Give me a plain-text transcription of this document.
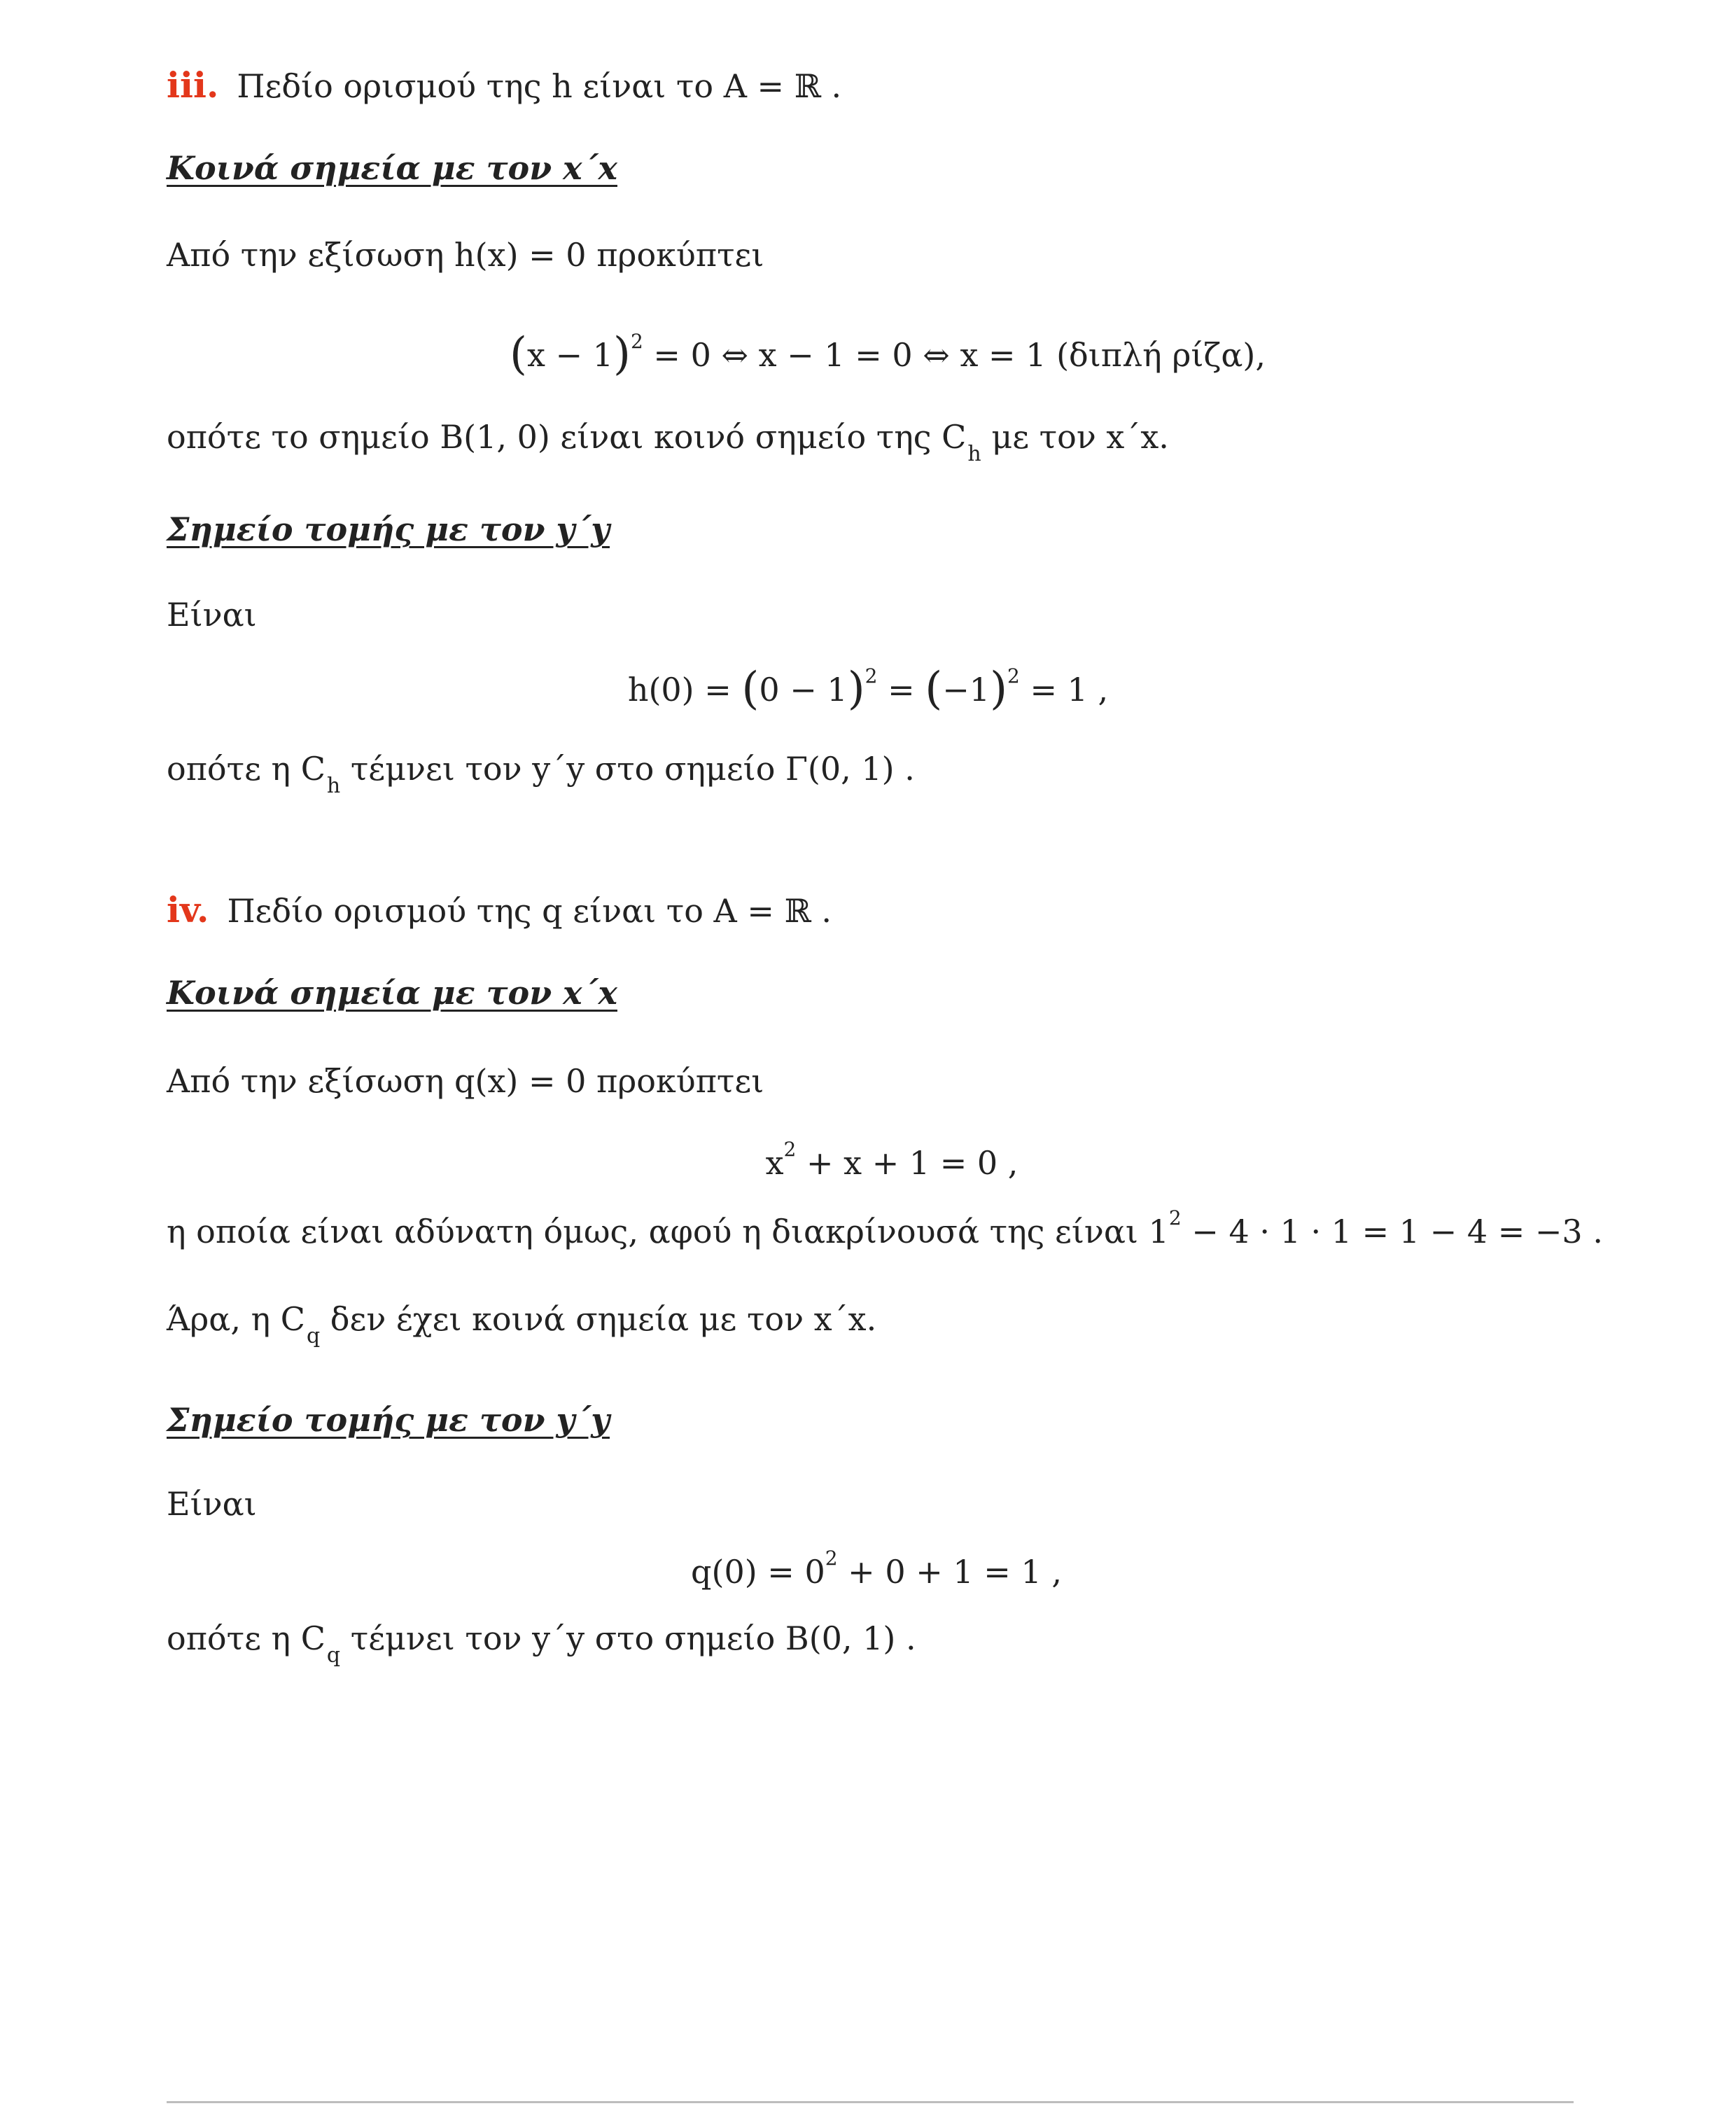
iii. Πεδίο ορισμού της h είναι το A = ℝ .
Κοινά σημεία με τον x΄x
Από την εξίσωση h(x) = 0 προκύπτει
$(x - 1)^2 = 0$ ⇔ x − 1 = 0 ⇔ x = 1 (διπλή ρίζα),
οπότε το σημείο B(1, 0) είναι κοινό σημείο της $C_h$ με τον x΄x.
Σημείο τομής με τον y΄y
Είναι
$h(0) = (0 - 1)^2 = (-1)^2 = 1$ ,
οπότε η $C_h$ τέμνει τον y΄y στο σημείο Γ(0, 1) .
iv. Πεδίο ορισμού της q είναι το A = ℝ .
Κοινά σημεία με τον x΄x
Από την εξίσωση q(x) = 0 προκύπτει
$x^2 + x + 1 = 0$ ,
η οποία είναι αδύνατη όμως, αφού η διακρίνουσά της είναι $1^2 - 4 \cdot 1 \cdot 1 = 1 - 4 = -3$ .
Άρα, η $C_q$ δεν έχει κοινά σημεία με τον x΄x.
Σημείο τομής με τον y΄y
Είναι
$q(0) = 0^2 + 0 + 1 = 1$ ,
οπότε η $C_q$ τέμνει τον y΄y στο σημείο B(0, 1) .
